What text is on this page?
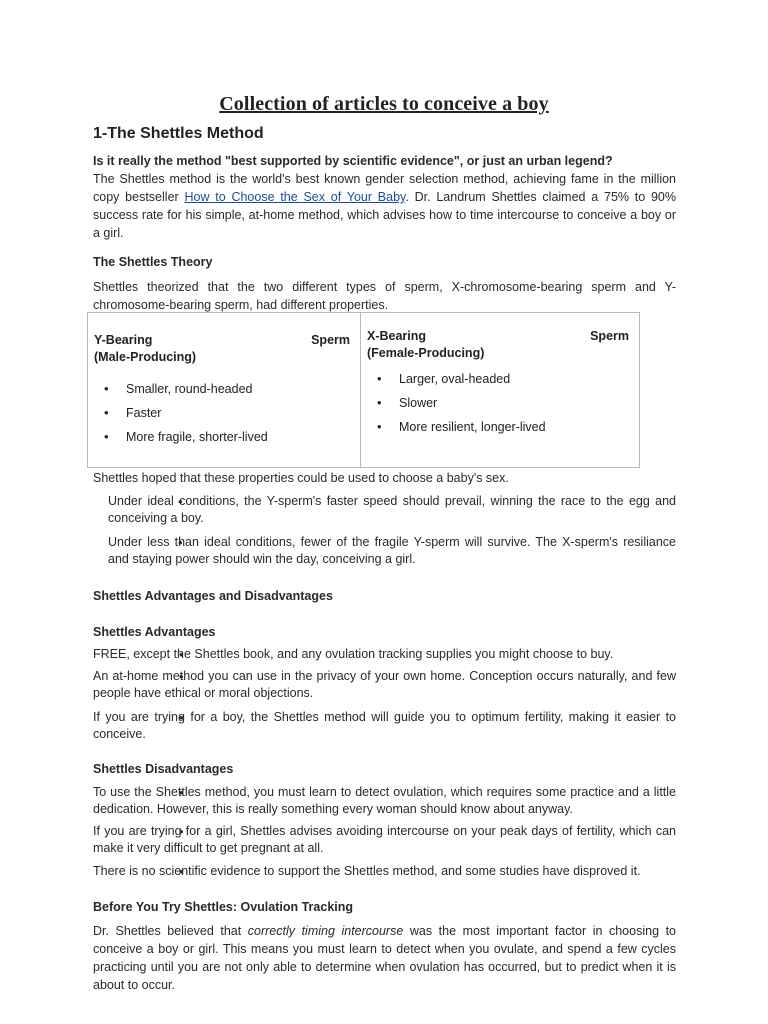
Collection of articles to conceive a boy
1-The Shettles Method
Is it really the method "best supported by scientific evidence", or just an urban legend?
The Shettles method is the world's best known gender selection method, achieving fame in the million copy bestseller How to Choose the Sex of Your Baby. Dr. Landrum Shettles claimed a 75% to 90% success rate for his simple, at-home method, which advises how to time intercourse to conceive a boy or a girl.
The Shettles Theory
Shettles theorized that the two different types of sperm, X-chromosome-bearing sperm and Y-chromosome-bearing sperm, had different properties.
Y-Bearing	Sperm

(Male-Producing)
• Smaller, round-headed
• Faster
• More fragile, shorter-lived
X-Bearing	Sperm

(Female-Producing)
• Larger, oval-headed
• Slower
• More resilient, longer-lived
Shettles hoped that these properties could be used to choose a baby's sex.
• Under ideal conditions, the Y-sperm's faster speed should prevail, winning the race to the egg and conceiving a boy.
• Under less than ideal conditions, fewer of the fragile Y-sperm will survive. The X-sperm's resiliance and staying power should win the day, conceiving a girl.
Shettles Advantages and Disadvantages
Shettles Advantages
• FREE, except the Shettles book, and any ovulation tracking supplies you might choose to buy.
• An at-home method you can use in the privacy of your own home. Conception occurs naturally, and few people have ethical or moral objections.
• If you are trying for a boy, the Shettles method will guide you to optimum fertility, making it easier to conceive.
Shettles Disadvantages
• To use the Shettles method, you must learn to detect ovulation, which requires some practice and a little dedication. However, this is really something every woman should know about anyway.
• If you are trying for a girl, Shettles advises avoiding intercourse on your peak days of fertility, which can make it very difficult to get pregnant at all.
• There is no scientific evidence to support the Shettles method, and some studies have disproved it.
Before You Try Shettles: Ovulation Tracking
Dr. Shettles believed that correctly timing intercourse was the most important factor in choosing to conceive a boy or girl. This means you must learn to detect when you ovulate, and spend a few cycles practicing until you are not only able to determine when ovulation has occurred, but to predict when it is about to occur.
